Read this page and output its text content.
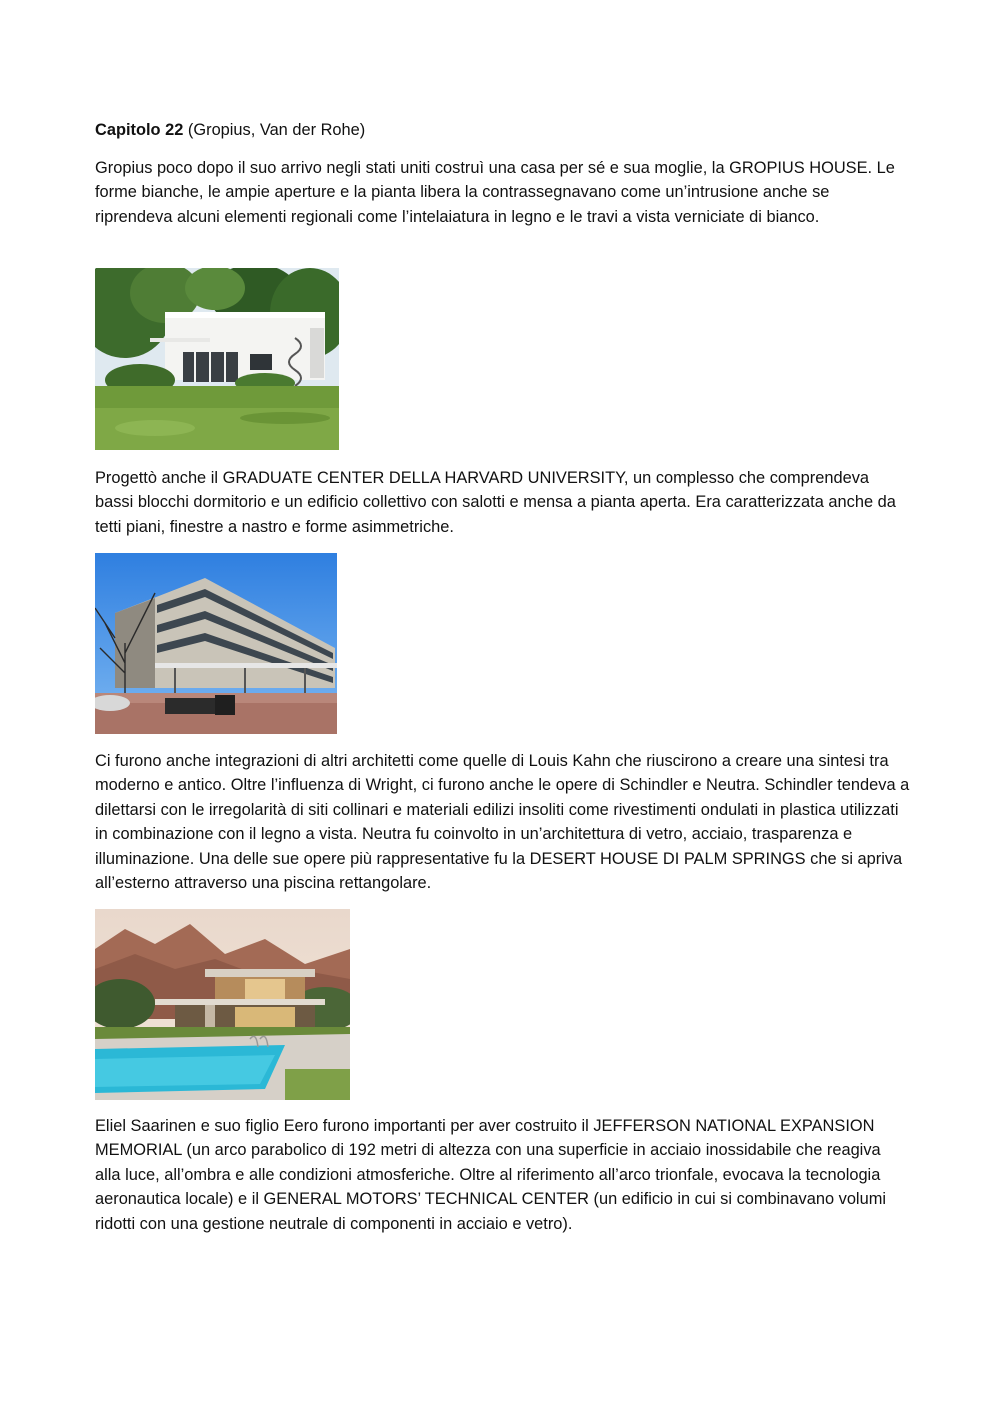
Capitolo 22 (Gropius, Van der Rohe)

Gropius poco dopo il suo arrivo negli stati uniti costruì una casa per sé e sua moglie, la GROPIUS HOUSE. Le forme bianche, le ampie aperture e la pianta libera la contrassegnavano come un’intrusione anche se riprendeva alcuni elementi regionali come l’intelaiatura in legno e le travi a vista verniciate di bianco.

Progettò anche il GRADUATE CENTER DELLA HARVARD UNIVERSITY, un complesso che comprendeva bassi blocchi dormitorio e un edificio collettivo con salotti e mensa a pianta aperta. Era caratterizzata anche da tetti piani, finestre a nastro e forme asimmetriche.

Ci furono anche integrazioni di altri architetti come quelle di Louis Kahn che riuscirono a creare una sintesi tra moderno e antico. Oltre l’influenza di Wright, ci furono anche le opere di Schindler e Neutra. Schindler tendeva a dilettarsi con le irregolarità di siti collinari e materiali edilizi insoliti come rivestimenti ondulati in plastica utilizzati in combinazione con il legno a vista. Neutra fu coinvolto in un’architettura di vetro, acciaio, trasparenza e illuminazione. Una delle sue opere più rappresentative fu la DESERT HOUSE DI PALM SPRINGS che si apriva all’esterno attraverso una piscina rettangolare.

Eliel Saarinen e suo figlio Eero furono importanti per aver costruito il JEFFERSON NATIONAL EXPANSION MEMORIAL (un arco parabolico di 192 metri di altezza con una superficie in acciaio inossidabile che reagiva alla luce, all’ombra e alle condizioni atmosferiche. Oltre al riferimento all’arco trionfale, evocava la tecnologia aeronautica locale) e il GENERAL MOTORS’ TECHNICAL CENTER (un edificio in cui si combinavano volumi ridotti con una gestione neutrale di componenti in acciaio e vetro).
